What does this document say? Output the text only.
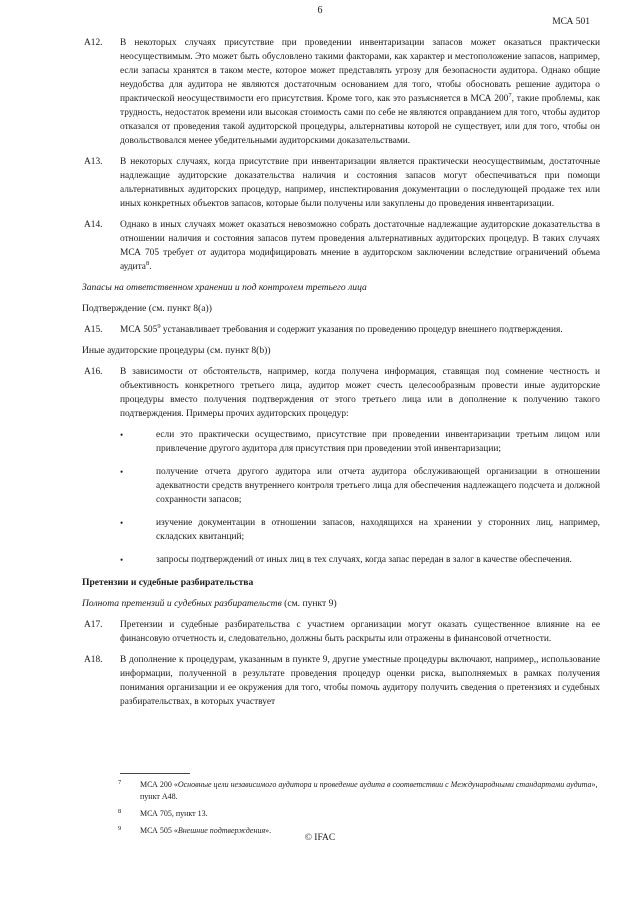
6
МСА 501
A12.	В некоторых случаях присутствие при проведении инвентаризации запасов может оказаться практически неосуществимым. Это может быть обусловлено такими факторами, как характер и местоположение запасов, например, если запасы хранятся в таком месте, которое может представлять угрозу для безопасности аудитора. Однако общие неудобства для аудитора не являются достаточным основанием для того, чтобы обосновать решение аудитора о практической неосуществимости его присутствия. Кроме того, как это разъясняется в МСА $200^7$, такие проблемы, как трудность, недостаток времени или высокая стоимость сами по себе не являются оправданием для того, чтобы аудитор отказался от проведения такой аудиторской процедуры, альтернативы которой не существует, или для того, чтобы он довольствовался менее убедительными аудиторскими доказательствами.
A13.	В некоторых случаях, когда присутствие при инвентаризации является практически неосуществимым, достаточные надлежащие аудиторские доказательства наличия и состояния запасов могут обеспечиваться при помощи альтернативных аудиторских процедур, например, инспектирования документации о последующей продаже тех или иных конкретных объектов запасов, которые были получены или закуплены до проведения инвентаризации.
A14.	Однако в иных случаях может оказаться невозможно собрать достаточные надлежащие аудиторские доказательства в отношении наличия и состояния запасов путем проведения альтернативных аудиторских процедур. В таких случаях МСА 705 требует от аудитора модифицировать мнение в аудиторском заключении вследствие ограничений объема аудита$^8$.
Запасы на ответственном хранении и под контролем третьего лица
Подтверждение (см. пункт 8(а))
A15.	МСА $505^9$ устанавливает требования и содержит указания по проведению процедур внешнего подтверждения.
Иные аудиторские процедуры (см. пункт 8(b))
A16.	В зависимости от обстоятельств, например, когда получена информация, ставящая под сомнение честность и объективность конкретного третьего лица, аудитор может счесть целесообразным провести иные аудиторские процедуры вместо получения подтверждения от этого третьего лица или в дополнение к получению такого подтверждения. Примеры прочих аудиторских процедур:
•	если это практически осуществимо, присутствие при проведении инвентаризации третьим лицом или привлечение другого аудитора для присутствия при проведении этой инвентаризации;
•	получение отчета другого аудитора или отчета аудитора обслуживающей организации в отношении адекватности средств внутреннего контроля третьего лица для обеспечения надлежащего подсчета и должной сохранности запасов;
•	изучение документации в отношении запасов, находящихся на хранении у сторонних лиц, например, складских квитанций;
•	запросы подтверждений от иных лиц в тех случаях, когда запас передан в залог в качестве обеспечения.
Претензии и судебные разбирательства
Полнота претензий и судебных разбирательств (см. пункт 9)
A17.	Претензии и судебные разбирательства с участием организации могут оказать существенное влияние на ее финансовую отчетность и, следовательно, должны быть раскрыты или отражены в финансовой отчетности.
A18.	В дополнение к процедурам, указанным в пункте 9, другие уместные процедуры включают, например,, использование информации, полученной в результате проведения процедур оценки риска, выполняемых в рамках получения понимания организации и ее окружения для того, чтобы помочь аудитору получить сведения о претензиях и судебных разбирательствах, в которых участвует
7 МСА 200 «Основные цели независимого аудитора и проведение аудита в соответствии с Международными стандартами аудита», пункт А48.
8 МСА 705, пункт 13.
9 МСА 505 «Внешние подтверждения».
© IFAC
